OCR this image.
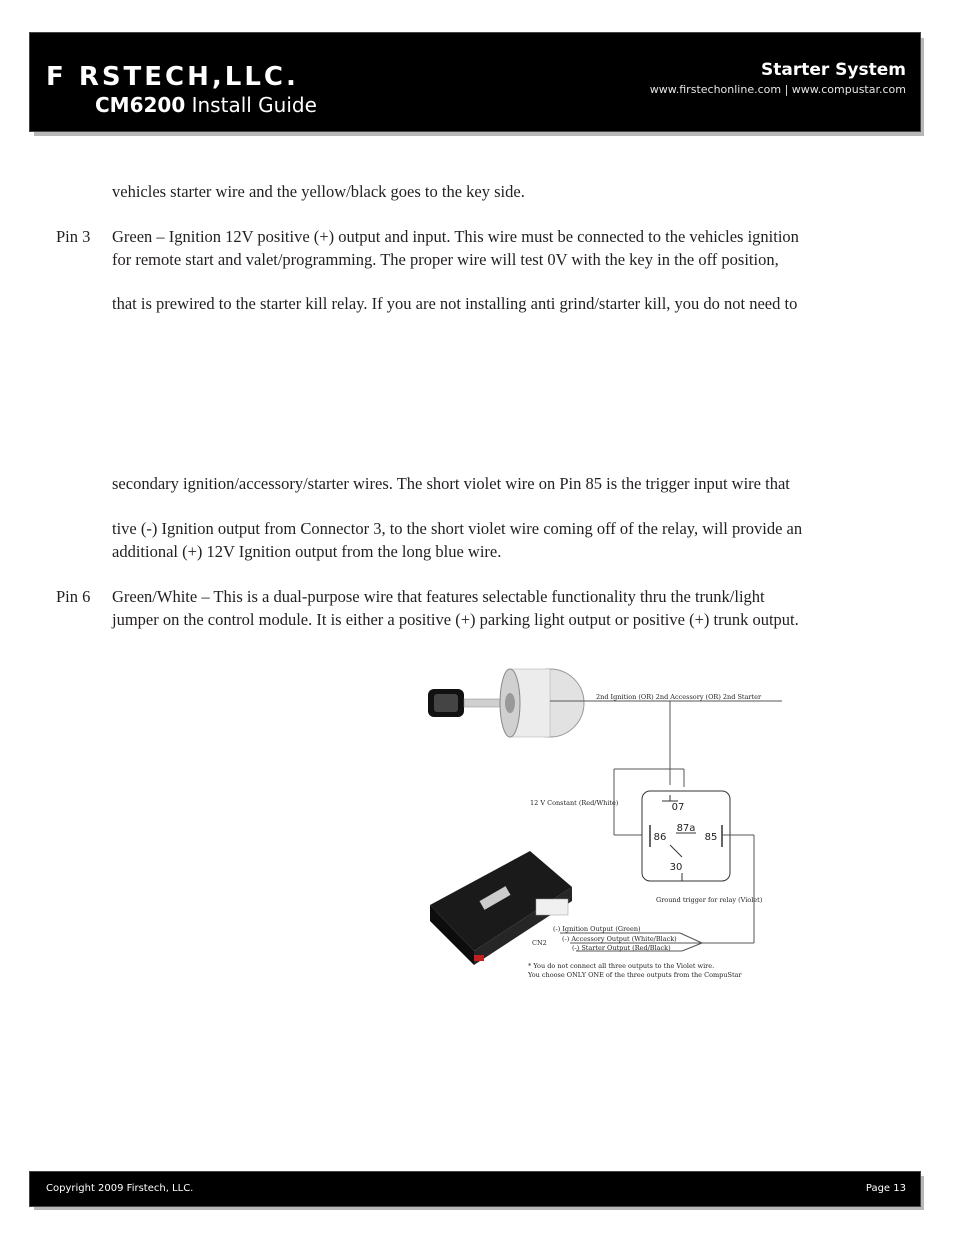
F RSTECH,LLC.
CM6200 Install Guide
Starter System
www.firstechonline.com | www.compustar.com
vehicles starter wire and the yellow/black goes to the key side.
Pin 3	Green – Ignition 12V positive (+) output and input. This wire must be connected to the vehicles ignition
for remote start and valet/programming. The proper wire will test 0V with the key in the off position,
that is prewired to the starter kill relay. If you are not installing anti grind/starter kill, you do not need to
secondary ignition/accessory/starter wires. The short violet wire on Pin 85 is the trigger input wire that
tive (-) Ignition output from Connector 3, to the short violet wire coming off of the relay, will provide an
additional (+) 12V Ignition output from the long blue wire.
Pin 6	Green/White – This is a dual-purpose wire that features selectable functionality thru the trunk/light
jumper on the control module. It is either a positive (+) parking light output or positive (+) trunk output.
2nd Ignition (OR) 2nd Accessory (OR) 2nd Starter
12 V Constant (Red/White)	07
87a
86	85
30
Ground trigger for relay (Violet)
(-) Ignition Output (Green)
(-) Accessory Output (White/Black)
(-) Starter Output (Red/Black)
CN2
* You do not connect all three outputs to the Violet wire.
You choose ONLY ONE of the three outputs from the CompuStar
Copyright 2009 Firstech, LLC.	Page 13
